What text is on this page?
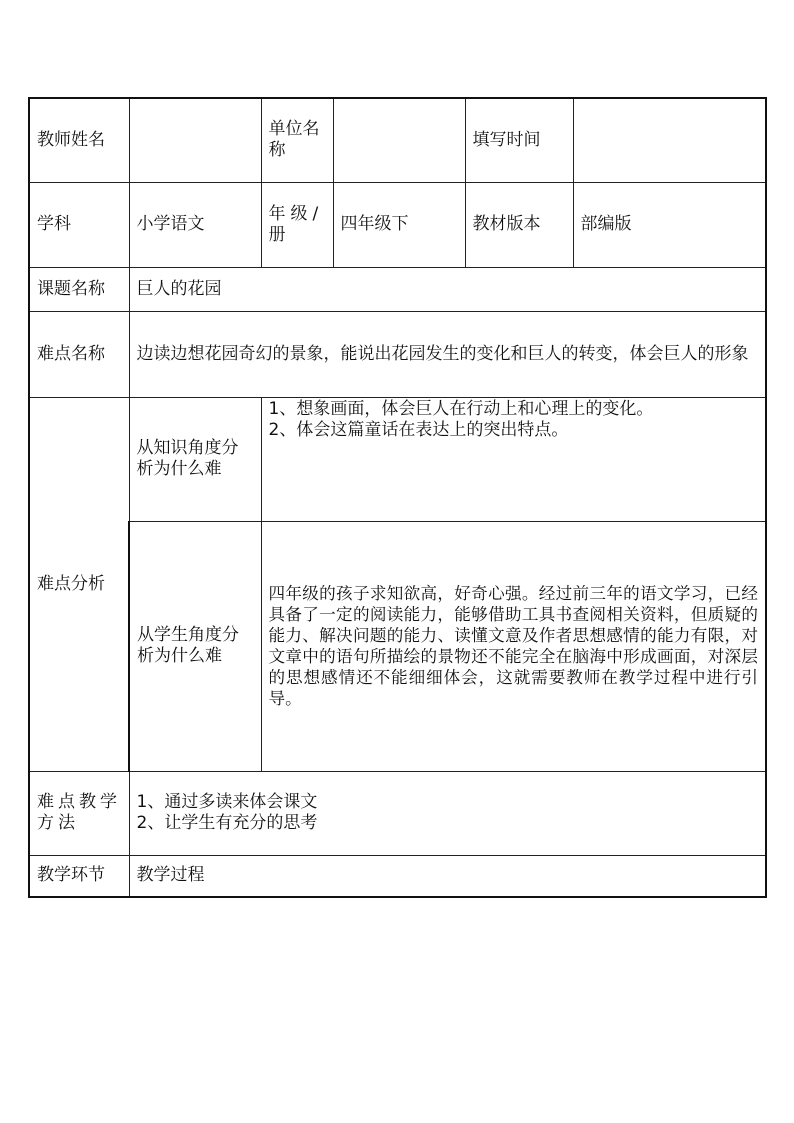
教师姓名		单位名称		填写时间	
学科	小学语文	年级/册	四年级下	教材版本	部编版
课题名称	巨人的花园				
难点名称	边读边想花园奇幻的景象，能说出花园发生的变化和巨人的转变，体会巨人的形象				
难点分析	从知识角度分析为什么难	1、想象画面，体会巨人在行动上和心理上的变化。
2、体会这篇童话在表达上的突出特点。			

	从学生角度分析为什么难	四年级的孩子求知欲高，好奇心强。经过前三年的语文学习，已经具备了一定的阅读能力，能够借助工具书查阅相关资料，但质疑的能力、解决问题的能力、读懂文意及作者思想感情的能力有限，对文章中的语句所描绘的景物还不能完全在脑海中形成画面，对深层的思想感情还不能细细体会，这就需要教师在教学过程中进行引导。			
难点教学方法	1、通过多读来体会课文
2、让学生有充分的思考				

教学环节	教学过程				
